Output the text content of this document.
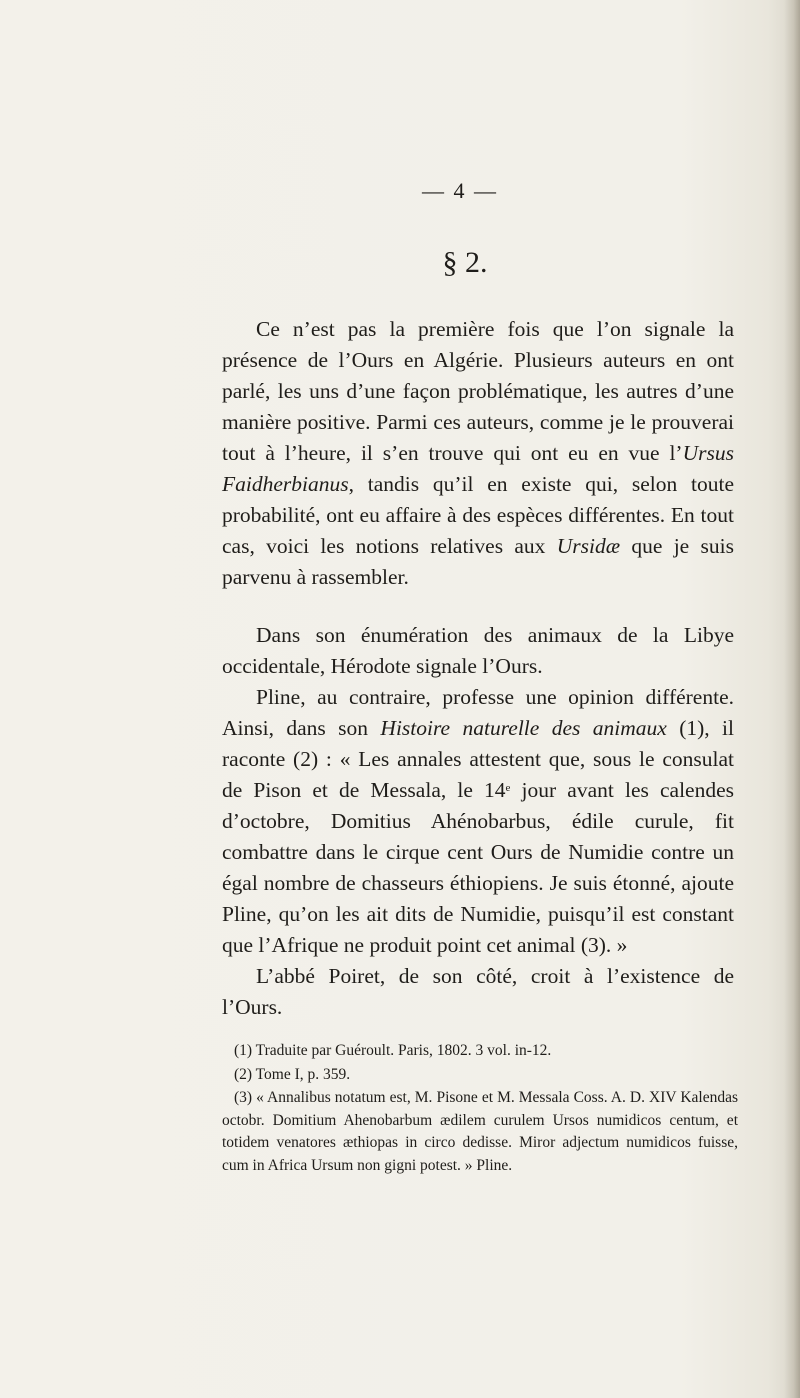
— 4 —
§ 2.

Ce n’est pas la première fois que l’on signale la présence de l’Ours en Algérie. Plusieurs auteurs en ont parlé, les uns d’une façon problématique, les autres d’une manière positive. Parmi ces auteurs, comme je le prouverai tout à l’heure, il s’en trouve qui ont eu en vue l’Ursus Faidherbianus, tandis qu’il en existe qui, selon toute probabilité, ont eu affaire à des espèces différentes. En tout cas, voici les notions relatives aux Ursidæ que je suis parvenu à rassembler.

Dans son énumération des animaux de la Libye occidentale, Hérodote signale l’Ours.

Pline, au contraire, professe une opinion différente. Ainsi, dans son Histoire naturelle des animaux (1), il raconte (2) : « Les annales attestent que, sous le consulat de Pison et de Messala, le 14e jour avant les calendes d’octobre, Domitius Ahénobarbus, édile curule, fit combattre dans le cirque cent Ours de Numidie contre un égal nombre de chasseurs éthiopiens. Je suis étonné, ajoute Pline, qu’on les ait dits de Numidie, puisqu’il est constant que l’Afrique ne produit point cet animal (3). »

L’abbé Poiret, de son côté, croit à l’existence de l’Ours.

(1) Traduite par Guéroult. Paris, 1802. 3 vol. in-12.

(2) Tome I, p. 359.

(3) « Annalibus notatum est, M. Pisone et M. Messala Coss. A. D. XIV Kalendas octobr. Domitium Ahenobarbum ædilem curulem Ursos numidicos centum, et totidem venatores æthiopas in circo dedisse. Miror adjectum numidicos fuisse, cum in Africa Ursum non gigni potest. » Pline.
